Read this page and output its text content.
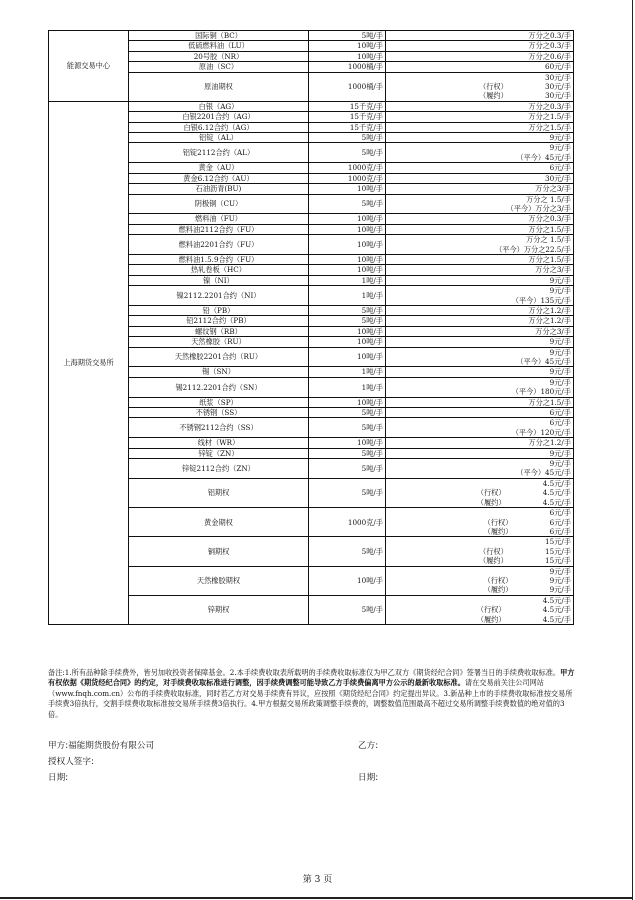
能源交易中心	国际铜（BC）	5吨/手	万分之0.3/手

	低硫燃料油（LU）	10吨/手	万分之0.3/手

	20号胶（NR）	10吨/手	万分之0.6/手

	原油（SC）	1000桶/手	60元/手

	原油期权	1000桶/手	30元/手
（行权） 30元/手
（履约） 30元/手

上海期货交易所	白银（AG）	15千克/手	万分之0.3/手

	白银2201合约（AG）	15千克/手	万分之1.5/手

	白银6.12合约（AG）	15千克/手	万分之1.5/手

	铝锭（AL）	5吨/手	9元/手

	铝锭2112合约（AL）	5吨/手	9元/手
（平今）45元/手

	黄金（AU）	1000克/手	6元/手

	黄金6.12合约（AU）	1000克/手	30元/手

	石油沥青(BU)	10吨/手	万分之3/手

	阴极铜（CU）	5吨/手	万分之 1.5/手
（平今）万分之3/手

	燃料油（FU）	10吨/手	万分之0.3/手

	燃料油2112合约（FU）	10吨/手	万分之1.5/手

	燃料油2201合约（FU）	10吨/手	万分之 1.5/手
（平今）万分之22.5/手

	燃料油1.5.9合约（FU）	10吨/手	万分之1.5/手

	热轧卷板（HC）	10吨/手	万分之3/手

	镍（NI）	1吨/手	9元/手

	镍2112.2201合约（NI）	1吨/手	9元/手
（平今）135元/手

	铅（PB）	5吨/手	万分之1.2/手

	铅2112合约（PB）	5吨/手	万分之1.2/手

	螺纹钢（RB）	10吨/手	万分之3/手

	天然橡胶（RU）	10吨/手	9元/手

	天然橡胶2201合约（RU）	10吨/手	9元/手
（平今）45元/手

	锡（SN）	1吨/手	9元/手

	锡2112.2201合约（SN）	1吨/手	9元/手
（平今）180元/手

	纸浆（SP）	10吨/手	万分之1.5/手

	不锈钢（SS）	5吨/手	6元/手

	不锈钢2112合约（SS）	5吨/手	6元/手
（平今）120元/手

	线材（WR）	10吨/手	万分之1.2/手

	锌锭（ZN）	5吨/手	9元/手

	锌锭2112合约（ZN）	5吨/手	9元/手
（平今）45元/手

	铝期权	5吨/手	4.5元/手
（行权） 4.5元/手
（履约） 4.5元/手

	黄金期权	1000克/手	6元/手
（行权） 6元/手
（履约） 6元/手

	铜期权	5吨/手	15元/手
（行权） 15元/手
（履约） 15元/手

	天然橡胶期权	10吨/手	9元/手
（行权） 9元/手
（履约） 9元/手

	锌期权	5吨/手	4.5元/手
（行权） 4.5元/手
（履约） 4.5元/手
备注:1.所有品种除手续费外，皆另加收投资者保障基金。2.本手续费收取表所载明的手续费收取标准仅为甲乙双方《期货经纪合同》签署当日的手续费收取标准。甲方有权依据《期货经纪合同》的约定，对手续费收取标准进行调整，因手续费调整可能导致乙方手续费偏离甲方公示的最新收取标准。请在交易前关注公司网站（www.fnqh.com.cn）公布的手续费收取标准，同时若乙方对交易手续费有异议，应按照《期货经纪合同》约定提出异议。3.新品种上市的手续费收取标准按交易所手续费3倍执行，交割手续费收取标准按交易所手续费3倍执行。4.甲方根据交易所政策调整手续费的，调整数值范围最高不超过交易所调整手续费数值的绝对值的3倍。
甲方:福能期货股份有限公司	乙方:
授权人签字:
日期:	日期:
第 3 页
